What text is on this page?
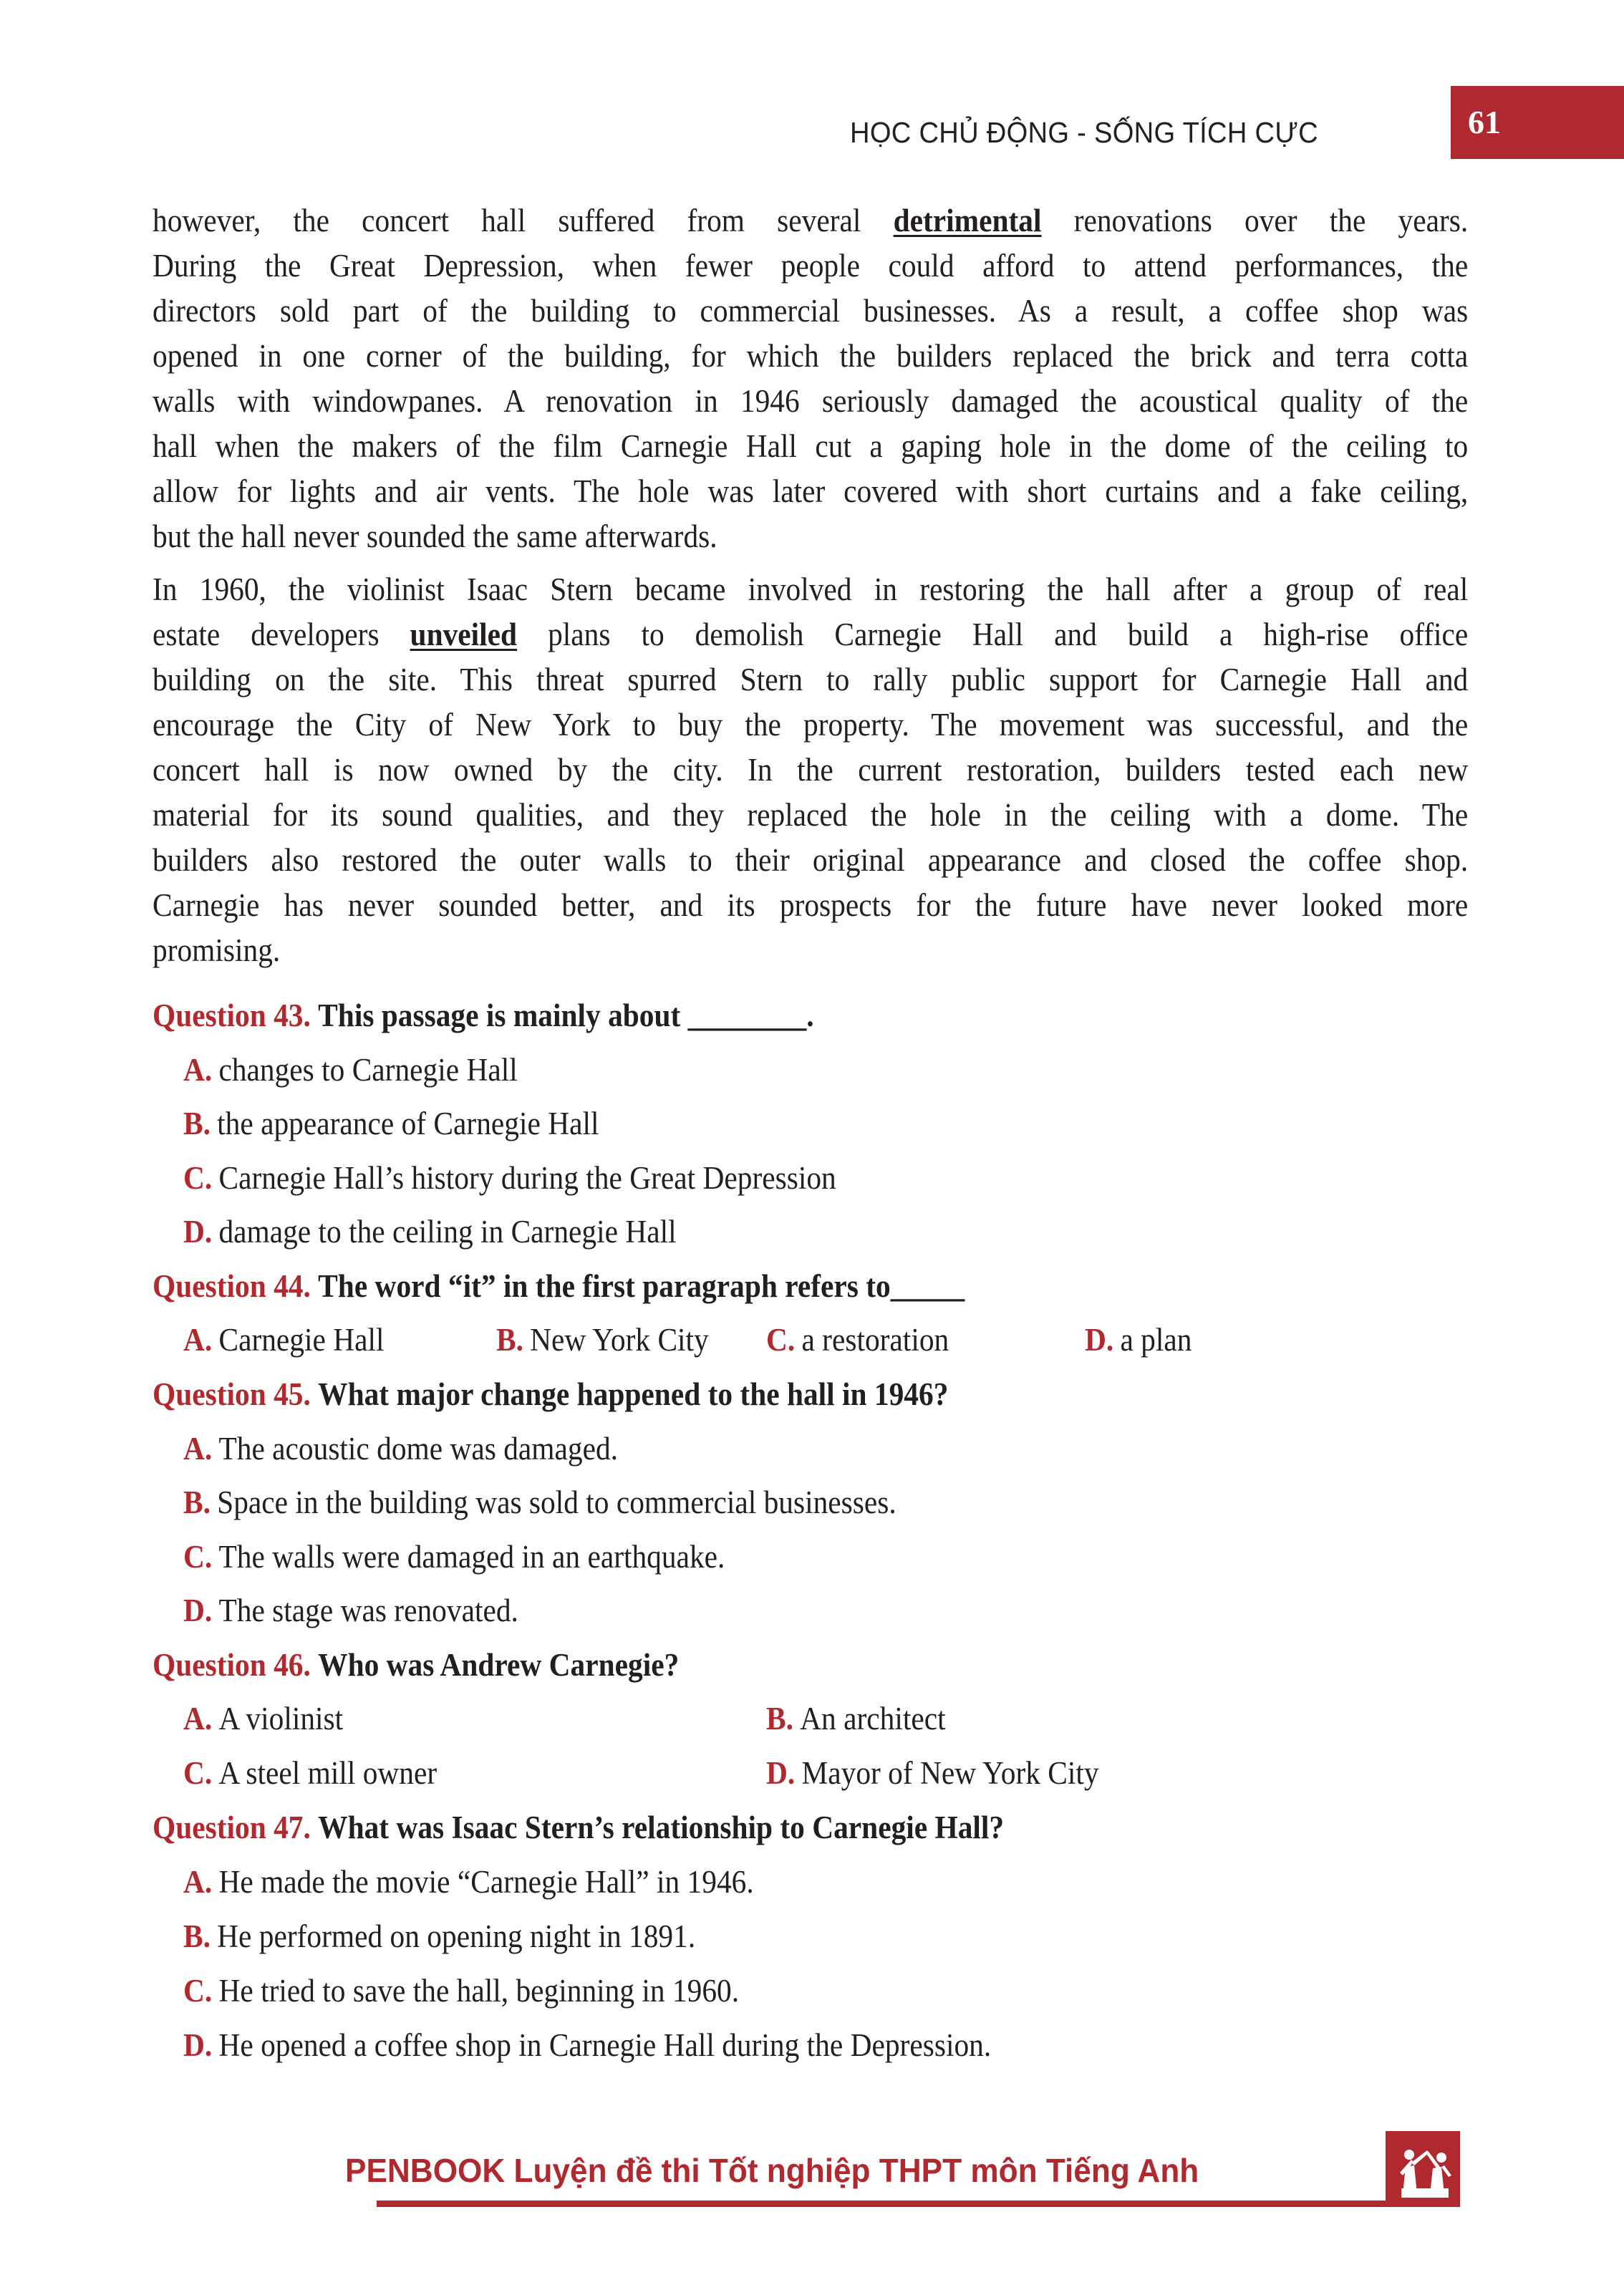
HỌC CHỦ ĐỘNG - SỐNG TÍCH CỰC	61
however, the concert hall suffered from several detrimental renovations over the years.
During the Great Depression, when fewer people could afford to attend performances, the
directors sold part of the building to commercial businesses. As a result, a coffee shop was
opened in one corner of the building, for which the builders replaced the brick and terra cotta
walls with windowpanes. A renovation in 1946 seriously damaged the acoustical quality of the
hall when the makers of the film Carnegie Hall cut a gaping hole in the dome of the ceiling to
allow for lights and air vents. The hole was later covered with short curtains and a fake ceiling,
but the hall never sounded the same afterwards.
In 1960, the violinist Isaac Stern became involved in restoring the hall after a group of real
estate developers unveiled plans to demolish Carnegie Hall and build a high-rise office
building on the site. This threat spurred Stern to rally public support for Carnegie Hall and
encourage the City of New York to buy the property. The movement was successful, and the
concert hall is now owned by the city. In the current restoration, builders tested each new
material for its sound qualities, and they replaced the hole in the ceiling with a dome. The
builders also restored the outer walls to their original appearance and closed the coffee shop.
Carnegie has never sounded better, and its prospects for the future have never looked more
promising.
Question 43. This passage is mainly about ________.
A. changes to Carnegie Hall
B. the appearance of Carnegie Hall
C. Carnegie Hall’s history during the Great Depression
D. damage to the ceiling in Carnegie Hall
Question 44. The word “it” in the first paragraph refers to_____
A. Carnegie Hall	B. New York City	C. a restoration	D. a plan
Question 45. What major change happened to the hall in 1946?
A. The acoustic dome was damaged.
B. Space in the building was sold to commercial businesses.
C. The walls were damaged in an earthquake.
D. The stage was renovated.
Question 46. Who was Andrew Carnegie?
A. A violinist	B. An architect
C. A steel mill owner	D. Mayor of New York City
Question 47. What was Isaac Stern’s relationship to Carnegie Hall?
A. He made the movie “Carnegie Hall” in 1946.
B. He performed on opening night in 1891.
C. He tried to save the hall, beginning in 1960.
D. He opened a coffee shop in Carnegie Hall during the Depression.
PENBOOK Luyện đề thi Tốt nghiệp THPT môn Tiếng Anh
